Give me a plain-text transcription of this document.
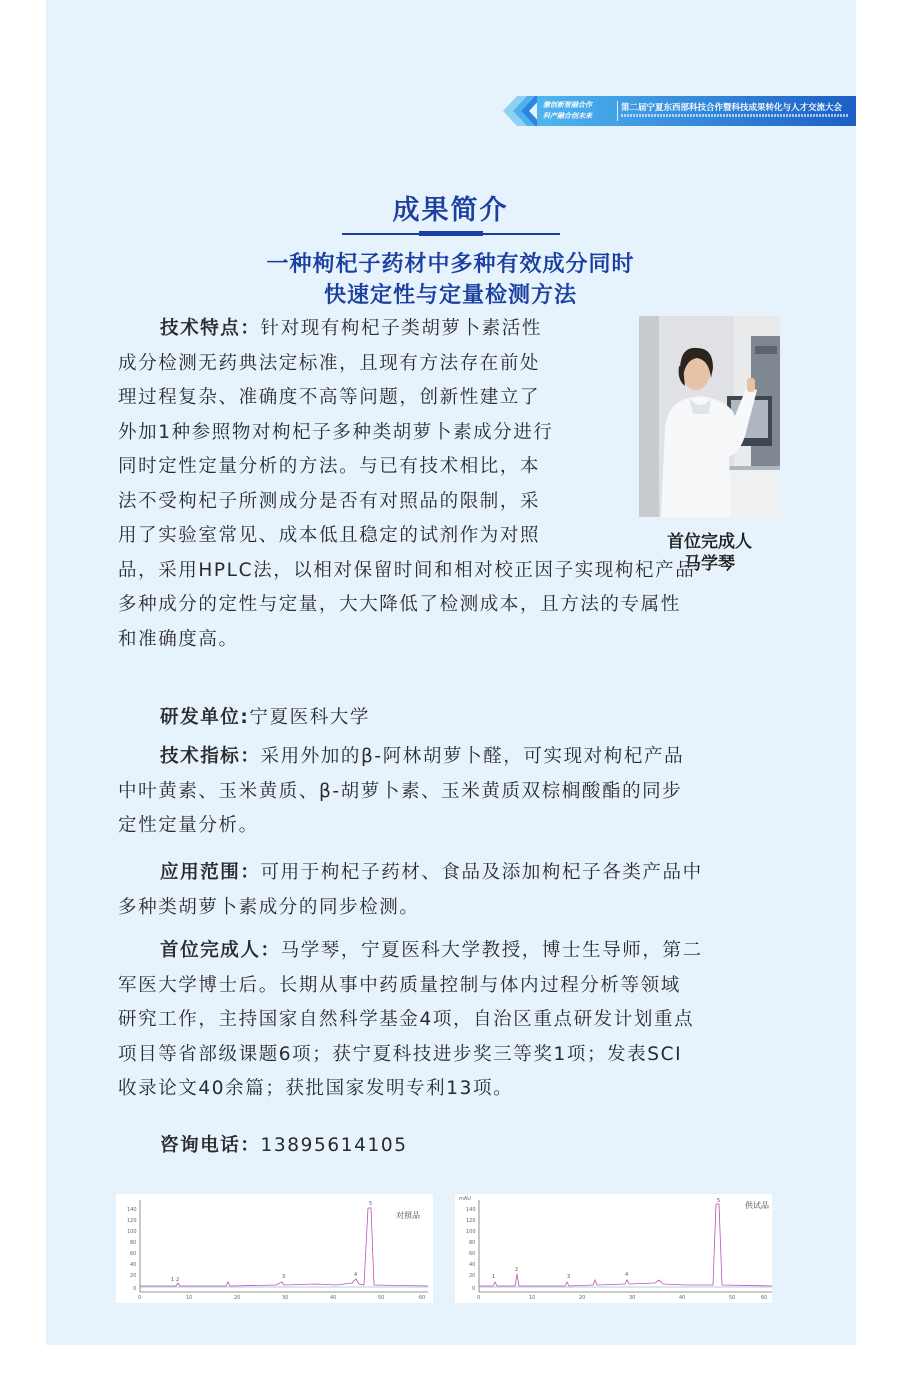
激创新智融合作
科产融合创未来
第二届宁夏东西部科技合作暨科技成果转化与人才交流大会
成果简介
一种枸杞子药材中多种有效成分同时
快速定性与定量检测方法
首位完成人
马学琴

技术特点：针对现有枸杞子类胡萝卜素活性

成分检测无药典法定标准，且现有方法存在前处

理过程复杂、准确度不高等问题，创新性建立了

外加1种参照物对枸杞子多种类胡萝卜素成分进行

同时定性定量分析的方法。与已有技术相比，本

法不受枸杞子所测成分是否有对照品的限制，采

用了实验室常见、成本低且稳定的试剂作为对照

品，采用HPLC法，以相对保留时间和相对校正因子实现枸杞产品

多种成分的定性与定量，大大降低了检测成本，且方法的专属性

和准确度高。

研发单位:宁夏医科大学

技术指标：采用外加的β-阿林胡萝卜醛，可实现对枸杞产品

中叶黄素、玉米黄质、β-胡萝卜素、玉米黄质双棕榈酸酯的同步

定性定量分析。

应用范围：可用于枸杞子药材、食品及添加枸杞子各类产品中

多种类胡萝卜素成分的同步检测。

首位完成人：马学琴，宁夏医科大学教授，博士生导师，第二

军医大学博士后。长期从事中药质量控制与体内过程分析等领域

研究工作，主持国家自然科学基金4项，自治区重点研发计划重点

项目等省部级课题6项；获宁夏科技进步奖三等奖1项；发表SCI

收录论文40余篇；获批国家发明专利13项。

咨询电话：13895614105

140
120
100
80
60
40
20
0
0	10	20	30	40	50	60
1 2	3	4
5
对照品
mAU
140
120
100
80
60
40
20
0
0	10	20	30	40	50	60
1
2
3	4
5	供试品
